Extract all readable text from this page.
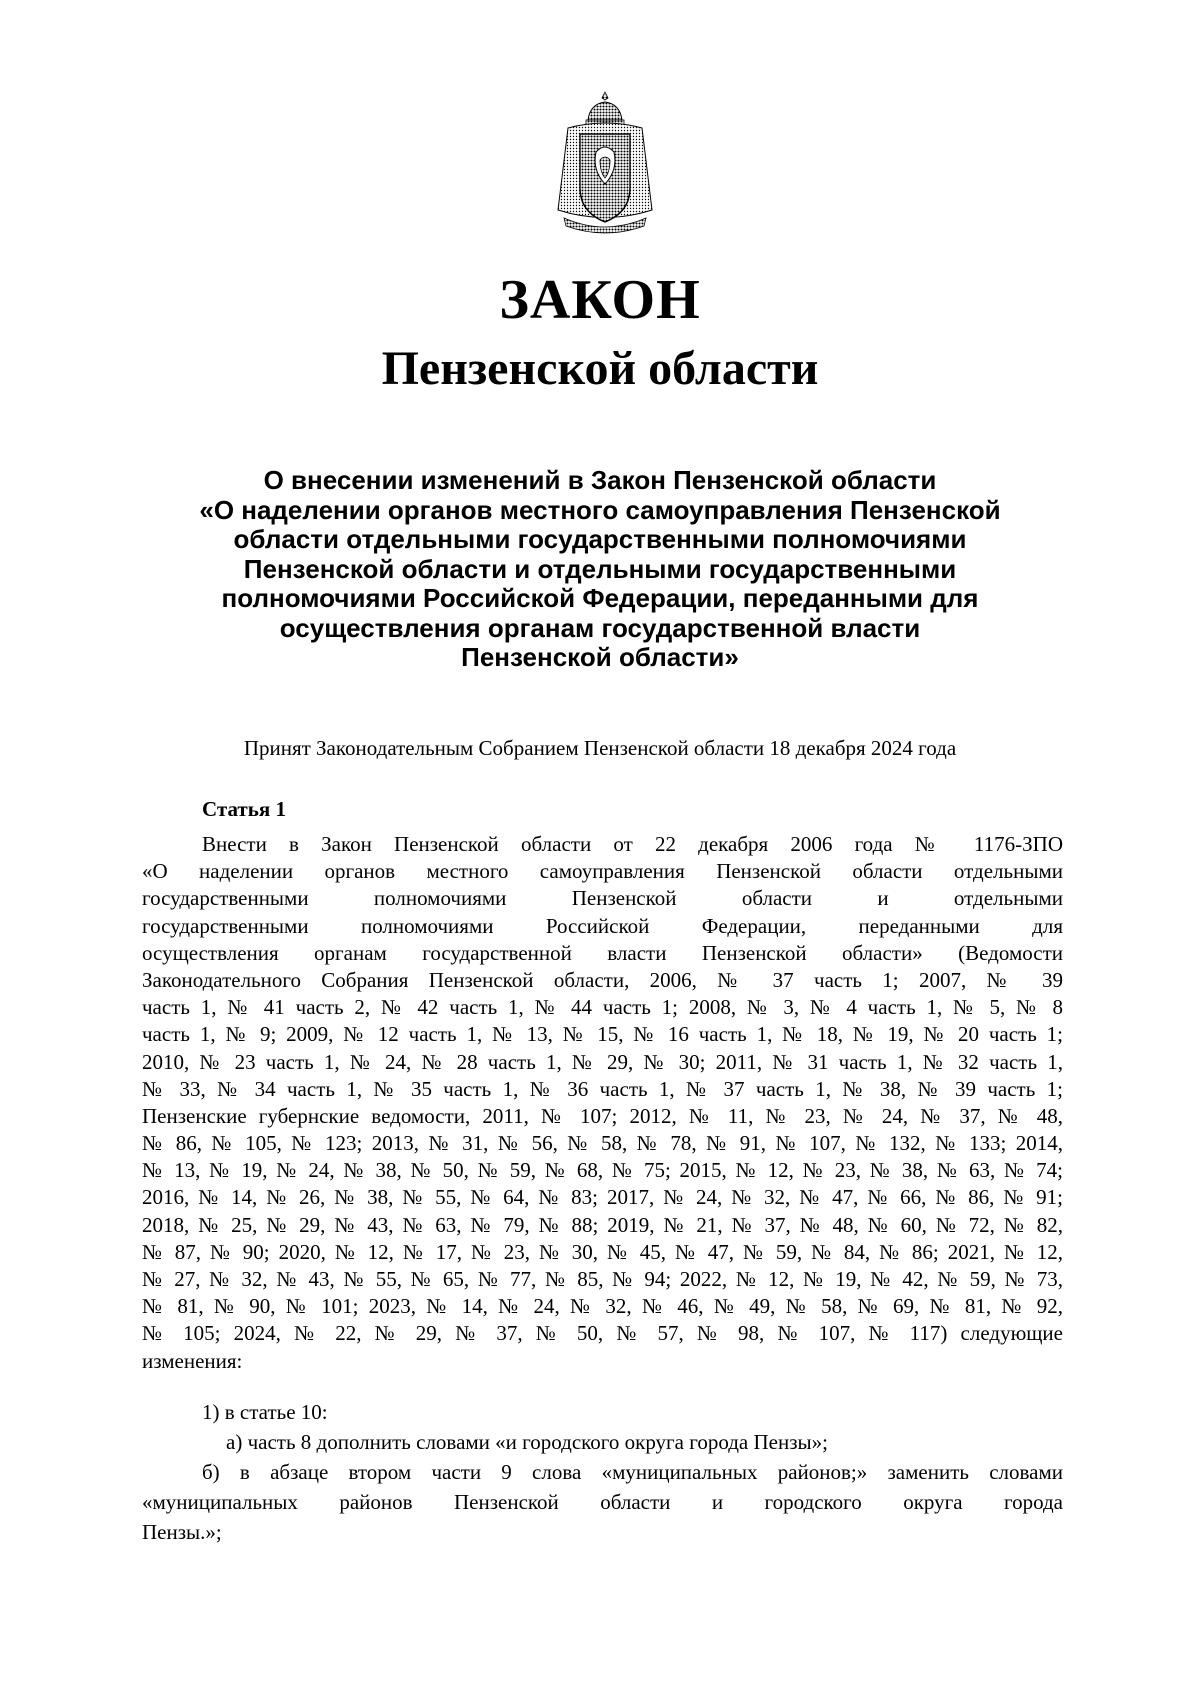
ЗАКОН
Пензенской области

О внесении изменений в Закон Пензенской области
«О наделении органов местного самоуправления Пензенской
области отдельными государственными полномочиями
Пензенской области и отдельными государственными
полномочиями Российской Федерации, переданными для
осуществления органам государственной власти
Пензенской области»

Принят Законодательным Собранием Пензенской области 18 декабря 2024 года

Статья 1

Внести в Закон Пензенской области от 22 декабря 2006 года № 1176-ЗПО
«О наделении органов местного самоуправления Пензенской области отдельными
государственными полномочиями Пензенской области и отдельными
государственными полномочиями Российской Федерации, переданными для
осуществления органам государственной власти Пензенской области» (Ведомости
Законодательного Собрания Пензенской области, 2006, № 37 часть 1; 2007, № 39
часть 1, № 41 часть 2, № 42 часть 1, № 44 часть 1; 2008, № 3, № 4 часть 1, № 5, № 8
часть 1, № 9; 2009, № 12 часть 1, № 13, № 15, № 16 часть 1, № 18, № 19, № 20 часть 1;
2010, № 23 часть 1, № 24, № 28 часть 1, № 29, № 30; 2011, № 31 часть 1, № 32 часть 1,
№ 33, № 34 часть 1, № 35 часть 1, № 36 часть 1, № 37 часть 1, № 38, № 39 часть 1;
Пензенские губернские ведомости, 2011, № 107; 2012, № 11, № 23, № 24, № 37, № 48,
№ 86, № 105, № 123; 2013, № 31, № 56, № 58, № 78, № 91, № 107, № 132, № 133; 2014,
№ 13, № 19, № 24, № 38, № 50, № 59, № 68, № 75; 2015, № 12, № 23, № 38, № 63, № 74;
2016, № 14, № 26, № 38, № 55, № 64, № 83; 2017, № 24, № 32, № 47, № 66, № 86, № 91;
2018, № 25, № 29, № 43, № 63, № 79, № 88; 2019, № 21, № 37, № 48, № 60, № 72, № 82,
№ 87, № 90; 2020, № 12, № 17, № 23, № 30, № 45, № 47, № 59, № 84, № 86; 2021, № 12,
№ 27, № 32, № 43, № 55, № 65, № 77, № 85, № 94; 2022, № 12, № 19, № 42, № 59, № 73,
№ 81, № 90, № 101; 2023, № 14, № 24, № 32, № 46, № 49, № 58, № 69, № 81, № 92,
№ 105; 2024, № 22, № 29, № 37, № 50, № 57, № 98, № 107, № 117) следующие
изменения:
1) в статье 10:
а) часть 8 дополнить словами «и городского округа города Пензы»;
б) в абзаце втором части 9 слова «муниципальных районов;» заменить словами
«муниципальных районов Пензенской области и городского округа города
Пензы.»;
